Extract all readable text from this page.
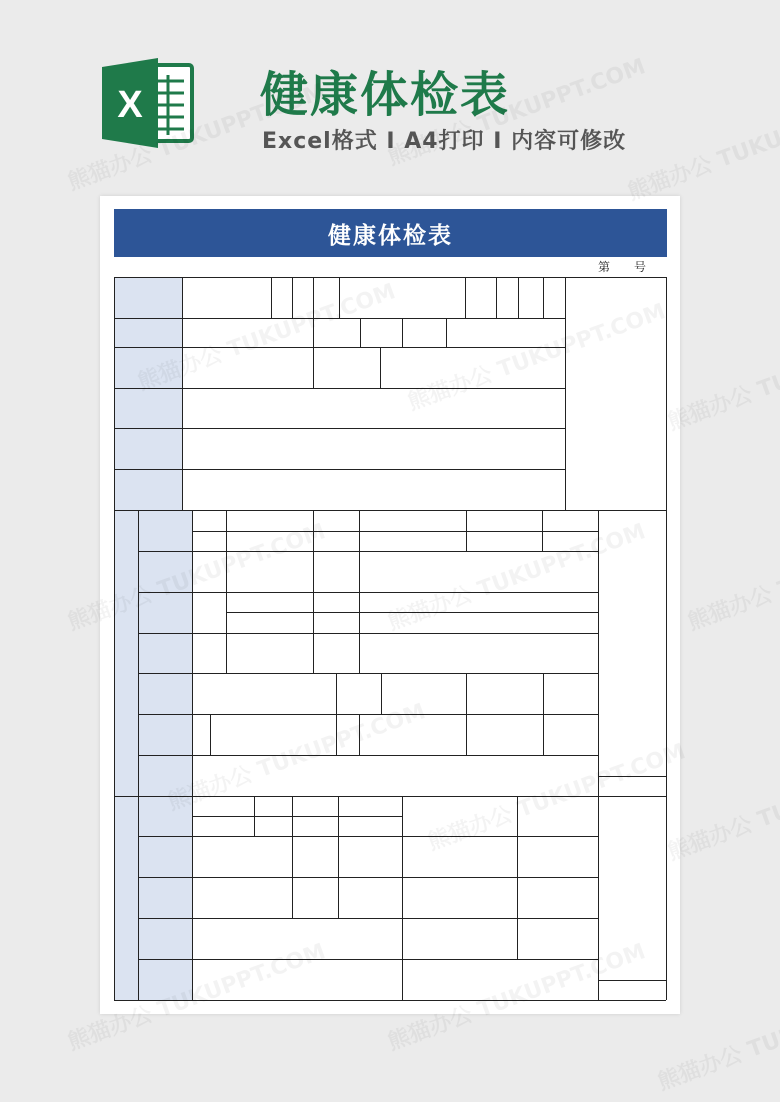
X 健康体检表
Excel格式 I A4打印 I 内容可修改
健康体检表
第　　号
